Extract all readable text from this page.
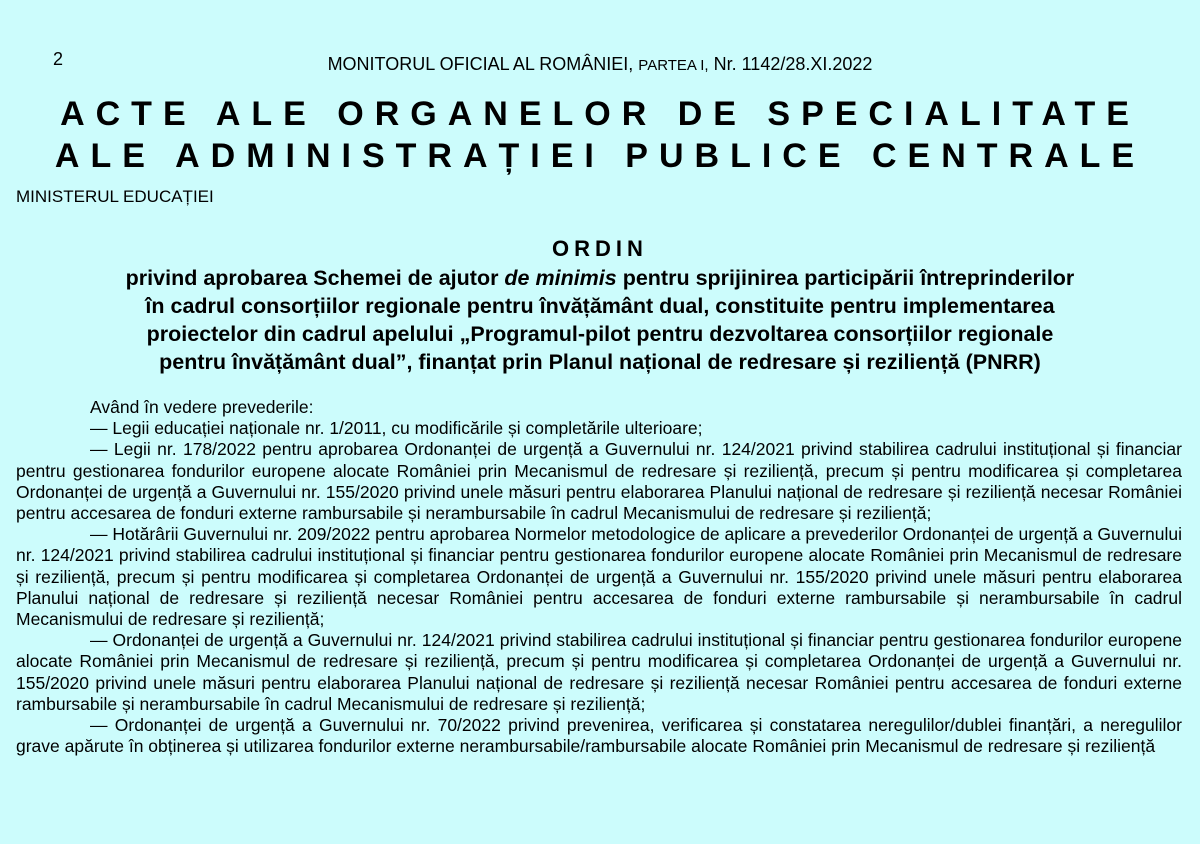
2	MONITORUL OFICIAL AL ROMÂNIEI, PARTEA I, Nr. 1142/28.XI.2022
ACTE ALE ORGANELOR DE SPECIALITATE
ALE ADMINISTRAȚIEI PUBLICE CENTRALE
MINISTERUL EDUCAȚIEI
ORDIN
privind aprobarea Schemei de ajutor de minimis pentru sprijinirea participării întreprinderilor
în cadrul consorțiilor regionale pentru învățământ dual, constituite pentru implementarea
proiectelor din cadrul apelului „Programul-pilot pentru dezvoltarea consorțiilor regionale
pentru învățământ dual”, finanțat prin Planul național de redresare și reziliență (PNRR)

Având în vedere prevederile:

— Legii educației naționale nr. 1/2011, cu modificările și completările ulterioare;

— Legii nr. 178/2022 pentru aprobarea Ordonanței de urgență a Guvernului nr. 124/2021 privind stabilirea cadrului instituțional și financiar pentru gestionarea fondurilor europene alocate României prin Mecanismul de redresare și reziliență, precum și pentru modificarea și completarea Ordonanței de urgență a Guvernului nr. 155/2020 privind unele măsuri pentru elaborarea Planului național de redresare și reziliență necesar României pentru accesarea de fonduri externe rambursabile și nerambursabile în cadrul Mecanismului de redresare și reziliență;

— Hotărârii Guvernului nr. 209/2022 pentru aprobarea Normelor metodologice de aplicare a prevederilor Ordonanței de urgență a Guvernului nr. 124/2021 privind stabilirea cadrului instituțional și financiar pentru gestionarea fondurilor europene alocate României prin Mecanismul de redresare și reziliență, precum și pentru modificarea și completarea Ordonanței de urgență a Guvernului nr. 155/2020 privind unele măsuri pentru elaborarea Planului național de redresare și reziliență necesar României pentru accesarea de fonduri externe rambursabile și nerambursabile în cadrul Mecanismului de redresare și reziliență;

— Ordonanței de urgență a Guvernului nr. 124/2021 privind stabilirea cadrului instituțional și financiar pentru gestionarea fondurilor europene alocate României prin Mecanismul de redresare și reziliență, precum și pentru modificarea și completarea Ordonanței de urgență a Guvernului nr. 155/2020 privind unele măsuri pentru elaborarea Planului național de redresare și reziliență necesar României pentru accesarea de fonduri externe rambursabile și nerambursabile în cadrul Mecanismului de redresare și reziliență;

— Ordonanței de urgență a Guvernului nr. 70/2022 privind prevenirea, verificarea și constatarea neregulilor/dublei finanțări, a neregulilor grave apărute în obținerea și utilizarea fondurilor externe nerambursabile/rambursabile alocate României prin Mecanismul de redresare și reziliență
